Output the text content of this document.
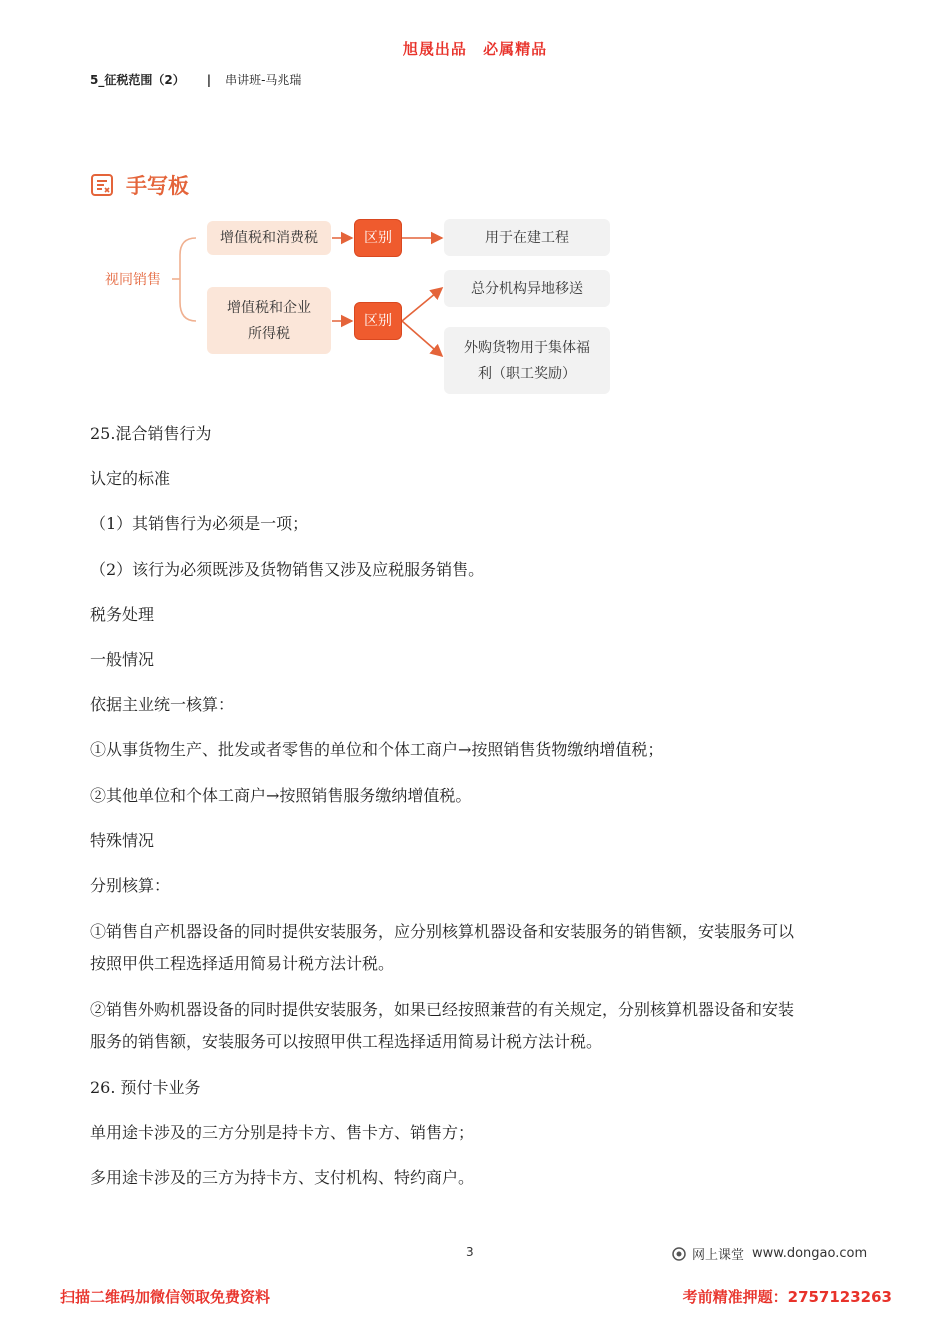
旭晟出品 必属精品
5_征税范围（2） | 串讲班-马兆瑞
手写板
视同销售
增值税和消费税
增值税和企业
所得税
区别
区别
用于在建工程
总分机构异地移送
外购货物用于集体福
利（职工奖励）
25.混合销售行为
认定的标准
（1）其销售行为必须是一项；
（2）该行为必须既涉及货物销售又涉及应税服务销售。
税务处理
一般情况
依据主业统一核算：
①从事货物生产、批发或者零售的单位和个体工商户→按照销售货物缴纳增值税；
②其他单位和个体工商户→按照销售服务缴纳增值税。
特殊情况
分别核算：
①销售自产机器设备的同时提供安装服务，应分别核算机器设备和安装服务的销售额，安装服务可以
按照甲供工程选择适用简易计税方法计税。
②销售外购机器设备的同时提供安装服务，如果已经按照兼营的有关规定，分别核算机器设备和安装
服务的销售额，安装服务可以按照甲供工程选择适用简易计税方法计税。
26. 预付卡业务
单用途卡涉及的三方分别是持卡方、售卡方、销售方；
多用途卡涉及的三方为持卡方、支付机构、特约商户。
3	网上课堂 www.dongao.com
扫描二维码加微信领取免费资料	考前精准押题：2757123263
